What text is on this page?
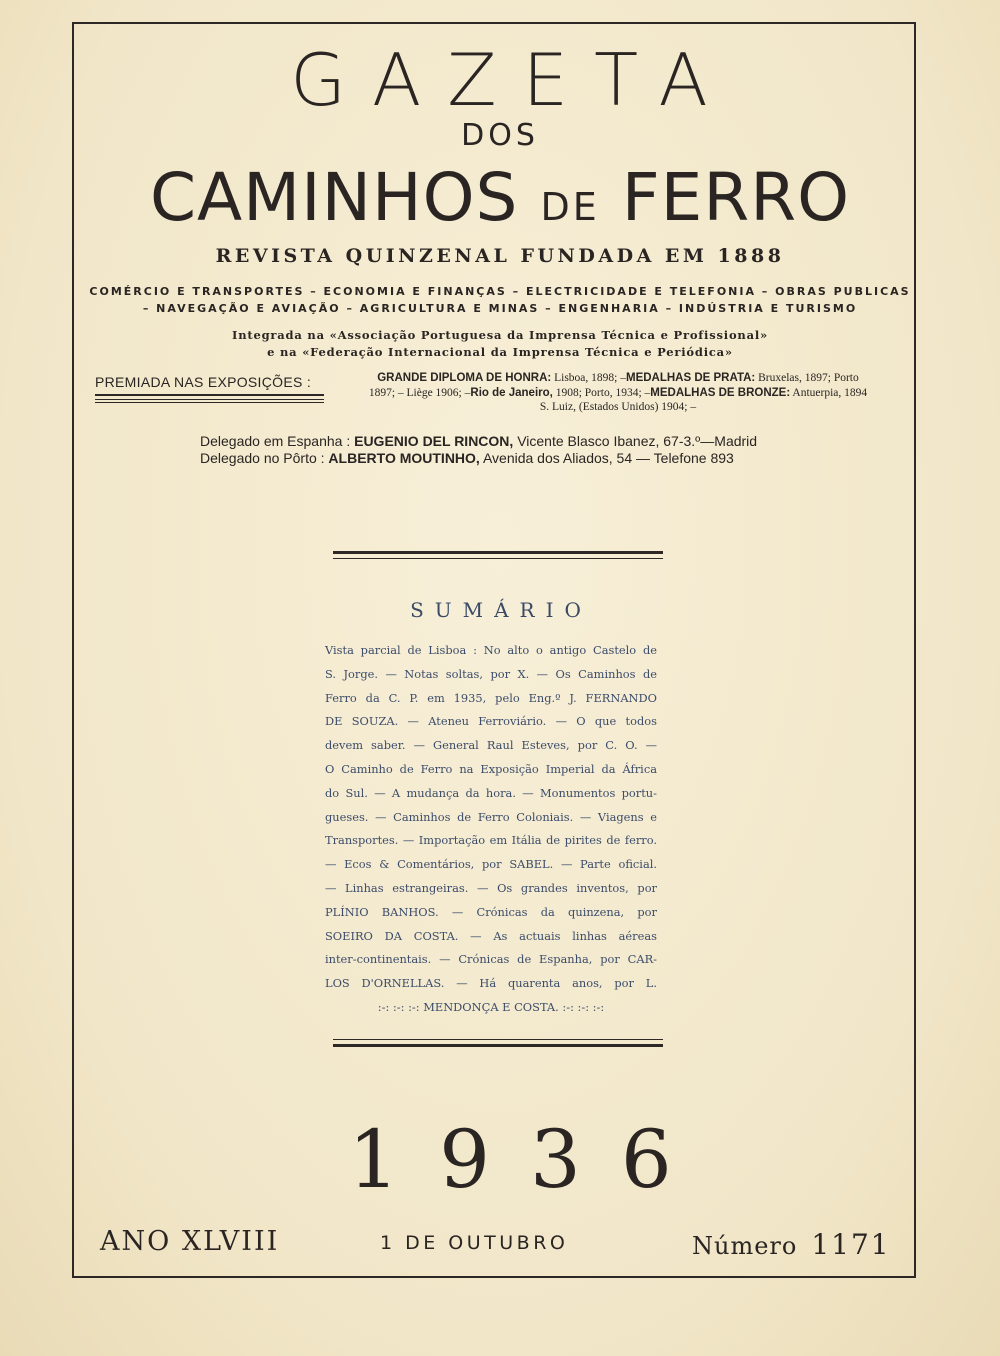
GAZETA
DOS
CAMINHOS DE FERRO
REVISTA QUINZENAL FUNDADA EM 1888
COMÉRCIO E TRANSPORTES – ECONOMIA E FINANÇAS – ELECTRICIDADE E TELEFONIA – OBRAS PUBLICAS
– NAVEGAÇÃO E AVIAÇÃO – AGRICULTURA E MINAS – ENGENHARIA – INDÚSTRIA E TURISMO
Integrada na «Associação Portuguesa da Imprensa Técnica e Profissional»
e na «Federação Internacional da Imprensa Técnica e Periódica»
PREMIADA NAS EXPOSIÇÕES :	GRANDE DIPLOMA DE HONRA: Lisboa, 1898; –MEDALHAS DE PRATA: Bruxelas, 1897; Porto
1897; – Liège 1906; –Rio de Janeiro, 1908; Porto, 1934; –MEDALHAS DE BRONZE: Antuerpia, 1894
S. Luiz, (Estados Unidos) 1904; –
Delegado em Espanha : EUGENIO DEL RINCON, Vicente Blasco Ibanez, 67-3.º—Madrid
Delegado no Pôrto : ALBERTO MOUTINHO, Avenida dos Aliados, 54 — Telefone 893
SUMÁRIO
Vista parcial de Lisboa : No alto o antigo Castelo de
S. Jorge. — Notas soltas, por X. — Os Caminhos de
Ferro da C. P. em 1935, pelo Eng.º J. FERNANDO
DE SOUZA. — Ateneu Ferroviário. — O que todos
devem saber. — General Raul Esteves, por C. O. —
O Caminho de Ferro na Exposição Imperial da África
do Sul. — A mudança da hora. — Monumentos portu-
gueses. — Caminhos de Ferro Coloniais. — Viagens e
Transportes. — Importação em Itália de pirites de ferro.
— Ecos & Comentários, por SABEL. — Parte oficial.
— Linhas estrangeiras. — Os grandes inventos, por
PLÍNIO BANHOS. — Crónicas da quinzena, por
SOEIRO DA COSTA. — As actuais linhas aéreas
inter-continentais. — Crónicas de Espanha, por CAR-
LOS D'ORNELLAS. — Há quarenta anos, por L.
:-: :-: :-: MENDONÇA E COSTA. :-: :-: :-:
1936
ANO XLVIII	1 DE OUTUBRO	Número 1171
